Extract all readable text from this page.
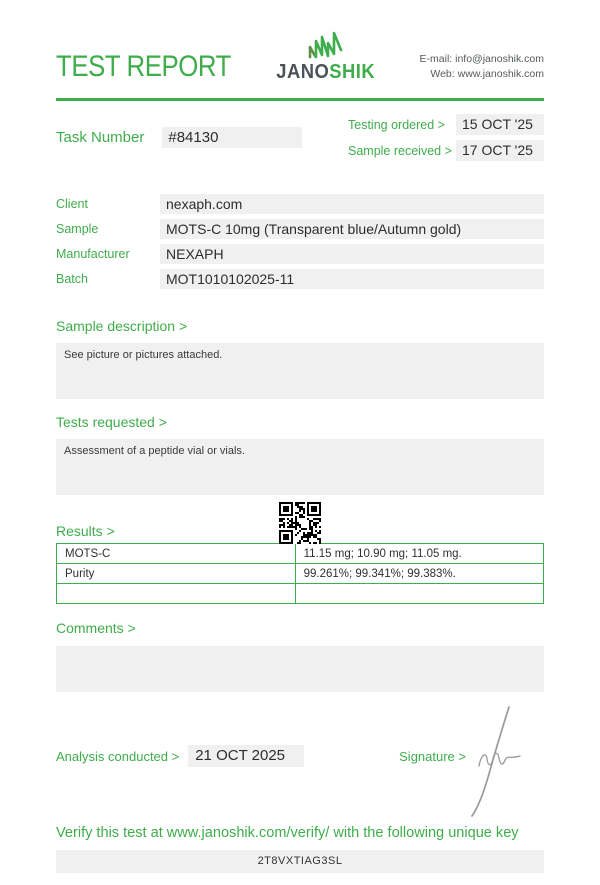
TEST REPORT JANOSHIK
E-mail: info@janoshik.com
Web: www.janoshik.com
Task Number	#84130
Testing ordered >	15 OCT '25
Sample received > 17 OCT '25
Client	nexaph.com
Sample	MOTS-C 10mg (Transparent blue/Autumn gold)
Manufacturer	NEXAPH
Batch	MOT1010102025-11
Sample description >
See picture or pictures attached.
Tests requested >
Assessment of a peptide vial or vials.
Results >
MOTS-C	11.15 mg; 10.90 mg; 11.05 mg.
Purity	99.261%; 99.341%; 99.383%.

Comments >
Analysis conducted >	21 OCT 2025	Signature >
Verify this test at www.janoshik.com/verify/ with the following unique key
2T8VXTIAG3SL
